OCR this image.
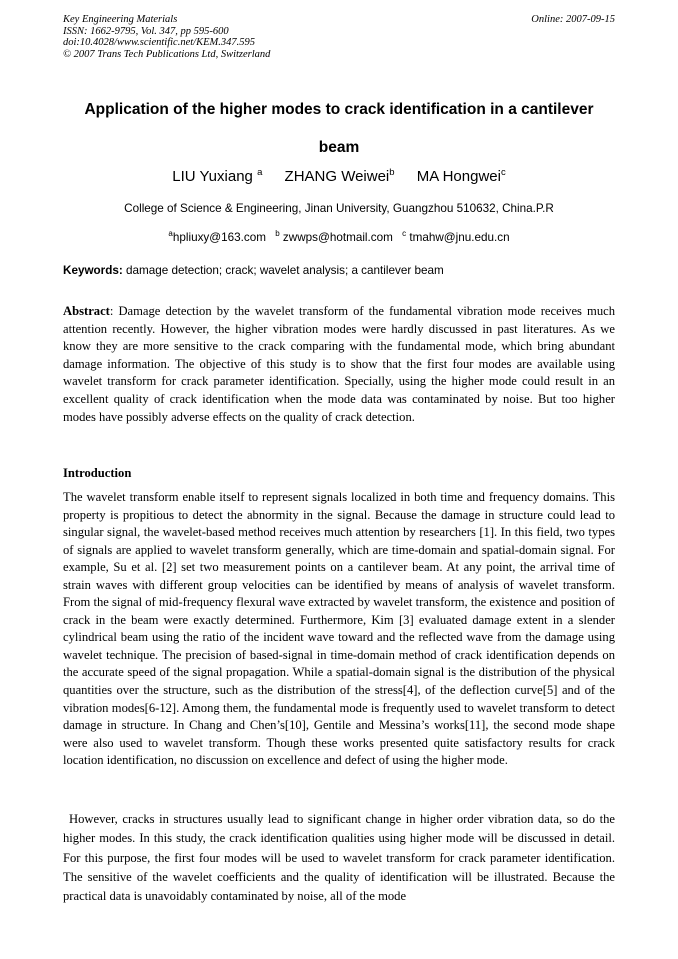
Key Engineering Materials
ISSN: 1662-9795, Vol. 347, pp 595-600
doi:10.4028/www.scientific.net/KEM.347.595
© 2007 Trans Tech Publications Ltd, Switzerland
Online: 2007-09-15
Application of the higher modes to crack identification in a cantilever beam
LIU Yuxiang $^a$ ZHANG Weiwei$^b$ MA Hongwei$^c$
College of Science & Engineering, Jinan University, Guangzhou 510632, China.P.R
$^a$hpliuxy@163.com $^b$ zwwps@hotmail.com $^c$ tmahw@jnu.edu.cn
Keywords: damage detection; crack; wavelet analysis; a cantilever beam
Abstract: Damage detection by the wavelet transform of the fundamental vibration mode receives much attention recently. However, the higher vibration modes were hardly discussed in past literatures. As we know they are more sensitive to the crack comparing with the fundamental mode, which bring abundant damage information. The objective of this study is to show that the first four modes are available using wavelet transform for crack parameter identification. Specially, using the higher mode could result in an excellent quality of crack identification when the mode data was contaminated by noise. But too higher modes have possibly adverse effects on the quality of crack detection.
Introduction
The wavelet transform enable itself to represent signals localized in both time and frequency domains. This property is propitious to detect the abnormity in the signal. Because the damage in structure could lead to singular signal, the wavelet-based method receives much attention by researchers [1]. In this field, two types of signals are applied to wavelet transform generally, which are time-domain and spatial-domain signal. For example, Su et al. [2] set two measurement points on a cantilever beam. At any point, the arrival time of strain waves with different group velocities can be identified by means of analysis of wavelet transform. From the signal of mid-frequency flexural wave extracted by wavelet transform, the existence and position of crack in the beam were exactly determined. Furthermore, Kim [3] evaluated damage extent in a slender cylindrical beam using the ratio of the incident wave toward and the reflected wave from the damage using wavelet technique. The precision of based-signal in time-domain method of crack identification depends on the accurate speed of the signal propagation. While a spatial-domain signal is the distribution of the physical quantities over the structure, such as the distribution of the stress[4], of the deflection curve[5] and of the vibration modes[6-12]. Among them, the fundamental mode is frequently used to wavelet transform to detect damage in structure. In Chang and Chen’s[10], Gentile and Messina’s works[11], the second mode shape were also used to wavelet transform. Though these works presented quite satisfactory results for crack location identification, no discussion on excellence and defect of using the higher mode.
However, cracks in structures usually lead to significant change in higher order vibration data, so do the higher modes. In this study, the crack identification qualities using higher mode will be discussed in detail. For this purpose, the first four modes will be used to wavelet transform for crack parameter identification. The sensitive of the wavelet coefficients and the quality of identification will be illustrated. Because the practical data is unavoidably contaminated by noise, all of the mode
